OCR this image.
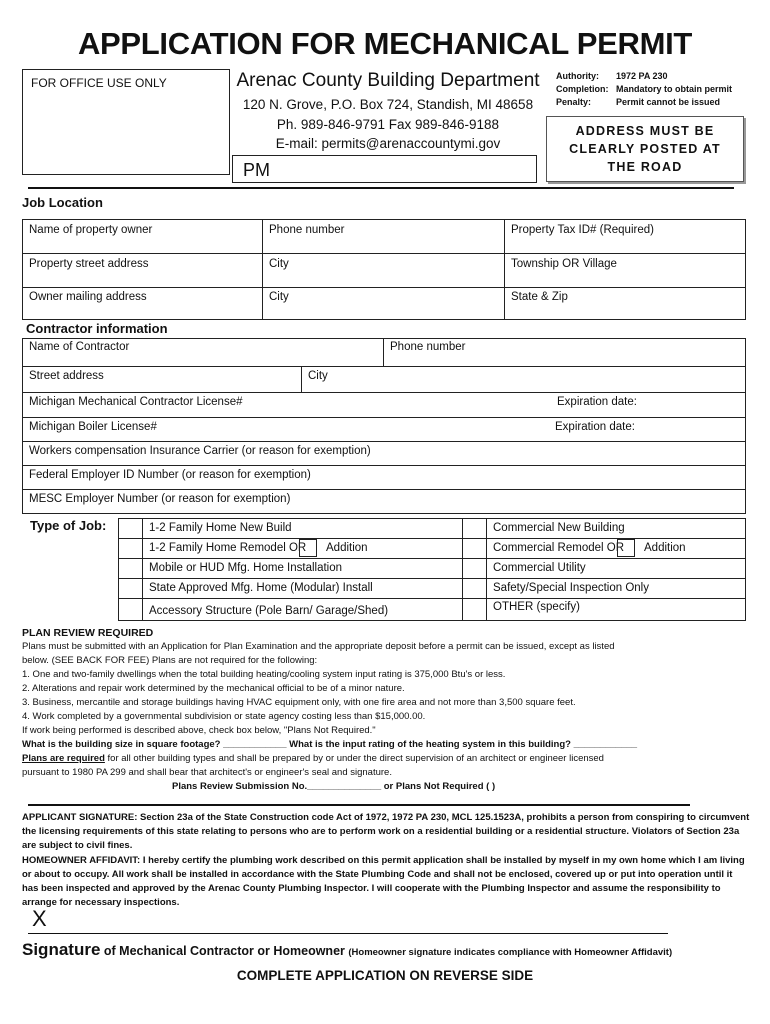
APPLICATION FOR MECHANICAL PERMIT
FOR OFFICE USE ONLY	Arenac County Building Department
120 N. Grove, P.O. Box 724, Standish, MI 48658
Ph. 989-846-9791 Fax 989-846-9188
E-mail: permits@arenaccountymi.gov
PM
Authority: 1972 PA 230
Completion: Mandatory to obtain permit
Penalty:	Permit cannot be issued
ADDRESS MUST BE
CLEARLY POSTED AT
THE ROAD
Job Location
Name of property owner	Phone number	Property Tax ID# (Required)
Property street address	City	Township OR Village
Owner mailing address	City	State & Zip
Contractor information
Name of Contractor	Phone number
Street address	City
Michigan Mechanical Contractor License#	Expiration date:

Michigan Boiler License#	Expiration date:

Workers compensation Insurance Carrier (or reason for exemption)
Federal Employer ID Number (or reason for exemption)
MESC Employer Number (or reason for exemption)
Type of Job:
		1-2 Family Home New Build		Commercial New Building
	1-2 Family Home Remodel OR Addition		Commercial Remodel OR Addition

	Mobile or HUD Mfg. Home Installation		Commercial Utility
	State Approved Mfg. Home (Modular) Install		Safety/Special Inspection Only
	Accessory Structure (Pole Barn/ Garage/Shed)		OTHER (specify)
PLAN REVIEW REQUIRED
Plans must be submitted with an Application for Plan Examination and the appropriate deposit before a permit can be issued, except as listed
below. (SEE BACK FOR FEE) Plans are not required for the following:
1. One and two-family dwellings when the total building heating/cooling system input rating is 375,000 Btu's or less.
2. Alterations and repair work determined by the mechanical official to be of a minor nature.
3. Business, mercantile and storage buildings having HVAC equipment only, with one fire area and not more than 3,500 square feet.
4. Work completed by a governmental subdivision or state agency costing less than $15,000.00.
If work being performed is described above, check box below, "Plans Not Required."
What is the building size in square footage? ____________ What is the input rating of the heating system in this building? ____________
Plans are required for all other building types and shall be prepared by or under the direct supervision of an architect or engineer licensed
pursuant to 1980 PA 299 and shall bear that architect's or engineer's seal and signature.
Plans Review Submission No.______________ or Plans Not Required ( )
APPLICANT SIGNATURE: Section 23a of the State Construction code Act of 1972, 1972 PA 230, MCL 125.1523A, prohibits a person from conspiring to circumvent the licensing requirements of this state relating to persons who are to perform work on a residential building or a residential structure. Violators of Section 23a are subject to civil fines.
HOMEOWNER AFFIDAVIT: I hereby certify the plumbing work described on this permit application shall be installed by myself in my own home which I am living or about to occupy. All work shall be installed in accordance with the State Plumbing Code and shall not be enclosed, covered up or put into operation until it has been inspected and approved by the Arenac County Plumbing Inspector. I will cooperate with the Plumbing Inspector and assume the responsibility to arrange for necessary inspections.
X
Signature of Mechanical Contractor or Homeowner (Homeowner signature indicates compliance with Homeowner Affidavit)
COMPLETE APPLICATION ON REVERSE SIDE
